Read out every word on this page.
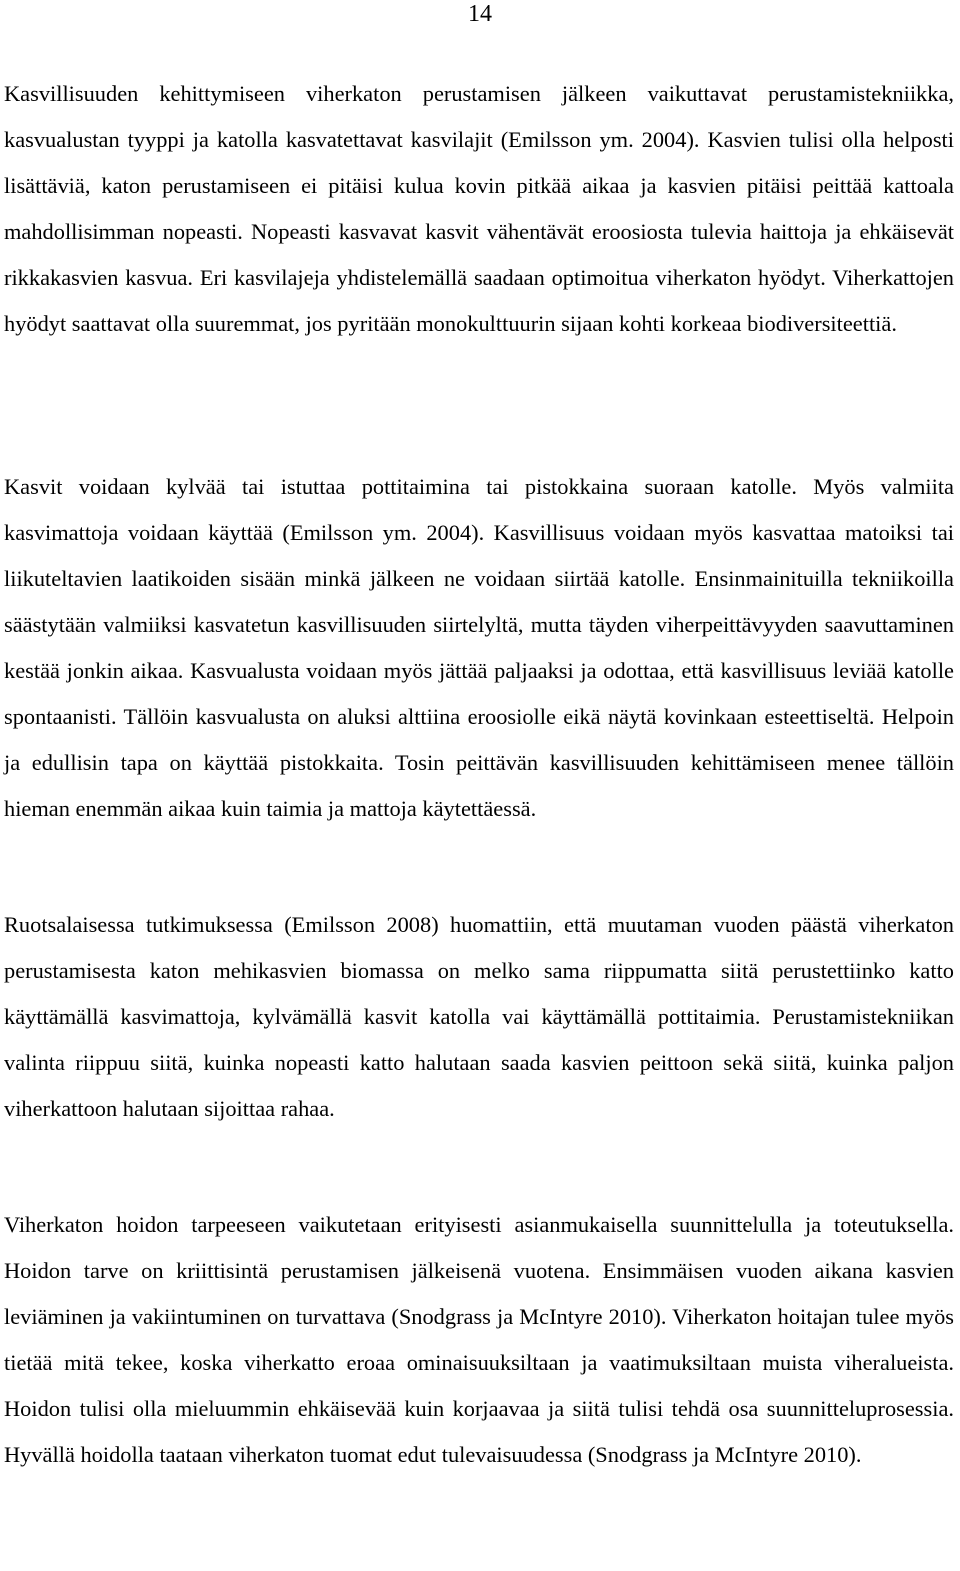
14

Kasvillisuuden kehittymiseen viherkaton perustamisen jälkeen vaikuttavat perustamistekniikka, kasvualustan tyyppi ja katolla kasvatettavat kasvilajit (Emilsson ym. 2004). Kasvien tulisi olla helposti lisättäviä, katon perustamiseen ei pitäisi kulua kovin pitkää aikaa ja kasvien pitäisi peittää kattoala mahdollisimman nopeasti. Nopeasti kasvavat kasvit vähentävät eroosiosta tulevia haittoja ja ehkäisevät rikkakasvien kasvua. Eri kasvilajeja yhdistelemällä saadaan optimoitua viherkaton hyödyt. Viherkattojen hyödyt saattavat olla suuremmat, jos pyritään monokulttuurin sijaan kohti korkeaa biodiversiteettiä.

Kasvit voidaan kylvää tai istuttaa pottitaimina tai pistokkaina suoraan katolle. Myös valmiita kasvimattoja voidaan käyttää (Emilsson ym. 2004). Kasvillisuus voidaan myös kasvattaa matoiksi tai liikuteltavien laatikoiden sisään minkä jälkeen ne voidaan siirtää katolle. Ensinmainituilla tekniikoilla säästytään valmiiksi kasvatetun kasvillisuuden siirtelyltä, mutta täyden viherpeittävyyden saavuttaminen kestää jonkin aikaa. Kasvualusta voidaan myös jättää paljaaksi ja odottaa, että kasvillisuus leviää katolle spontaanisti. Tällöin kasvualusta on aluksi alttiina eroosiolle eikä näytä kovinkaan esteettiseltä. Helpoin ja edullisin tapa on käyttää pistokkaita. Tosin peittävän kasvillisuuden kehittämiseen menee tällöin hieman enemmän aikaa kuin taimia ja mattoja käytettäessä.

Ruotsalaisessa tutkimuksessa (Emilsson 2008) huomattiin, että muutaman vuoden päästä viherkaton perustamisesta katon mehikasvien biomassa on melko sama riippumatta siitä perustettiinko katto käyttämällä kasvimattoja, kylvämällä kasvit katolla vai käyttämällä pottitaimia. Perustamistekniikan valinta riippuu siitä, kuinka nopeasti katto halutaan saada kasvien peittoon sekä siitä, kuinka paljon viherkattoon halutaan sijoittaa rahaa.

Viherkaton hoidon tarpeeseen vaikutetaan erityisesti asianmukaisella suunnittelulla ja toteutuksella. Hoidon tarve on kriittisintä perustamisen jälkeisenä vuotena. Ensimmäisen vuoden aikana kasvien leviäminen ja vakiintuminen on turvattava (Snodgrass ja McIntyre 2010). Viherkaton hoitajan tulee myös tietää mitä tekee, koska viherkatto eroaa ominaisuuksiltaan ja vaatimuksiltaan muista viheralueista. Hoidon tulisi olla mieluummin ehkäisevää kuin korjaavaa ja siitä tulisi tehdä osa suunnitteluprosessia. Hyvällä hoidolla taataan viherkaton tuomat edut tulevaisuudessa (Snodgrass ja McIntyre 2010).
